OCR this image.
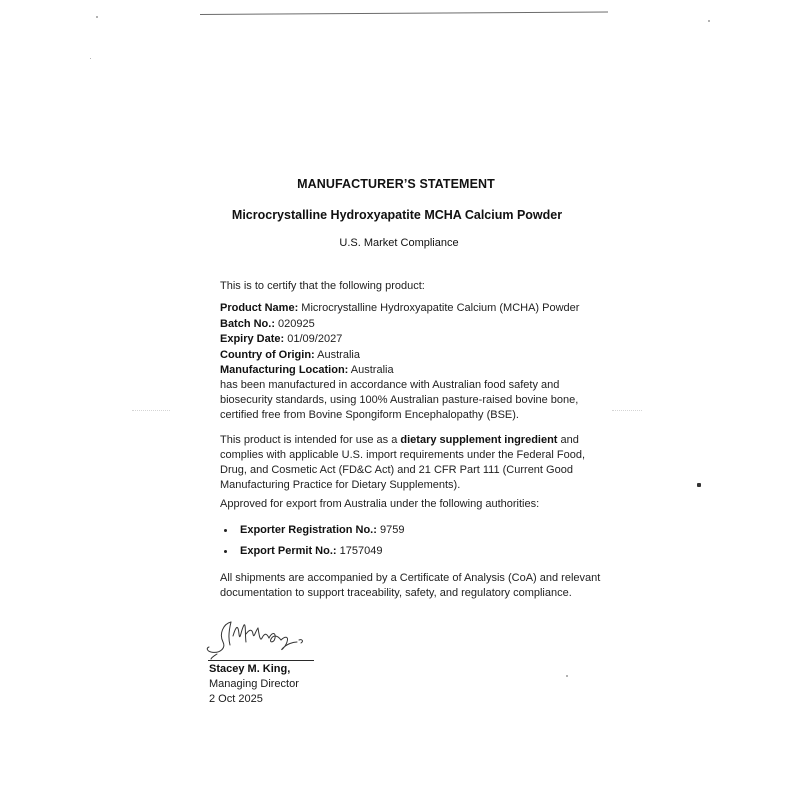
MANUFACTURER’S STATEMENT
Microcrystalline Hydroxyapatite MCHA Calcium Powder
U.S. Market Compliance
This is to certify that the following product:
Product Name: Microcrystalline Hydroxyapatite Calcium (MCHA) Powder
Batch No.: 020925
Expiry Date: 01/09/2027
Country of Origin: Australia
Manufacturing Location: Australia
has been manufactured in accordance with Australian food safety and biosecurity standards, using 100% Australian pasture-raised bovine bone, certified free from Bovine Spongiform Encephalopathy (BSE).
This product is intended for use as a dietary supplement ingredient and complies with applicable U.S. import requirements under the Federal Food, Drug, and Cosmetic Act (FD&C Act) and 21 CFR Part 111 (Current Good Manufacturing Practice for Dietary Supplements).
Approved for export from Australia under the following authorities:
Exporter Registration No.: 9759
Export Permit No.: 1757049
All shipments are accompanied by a Certificate of Analysis (CoA) and relevant documentation to support traceability, safety, and regulatory compliance.
Stacey M. King,
Managing Director
2 Oct 2025
